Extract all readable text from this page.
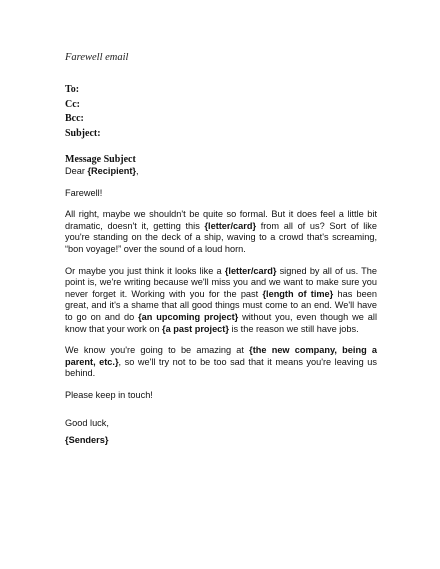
Farewell email
To:
Cc:
Bcc:
Subject:
Message Subject

Dear {Recipient},

Farewell!

All right, maybe we shouldn't be quite so formal. But it does feel a little bit dramatic, doesn't it, getting this {letter/card} from all of us? Sort of like you're standing on the deck of a ship, waving to a crowd that's screaming, “bon voyage!” over the sound of a loud horn.

Or maybe you just think it looks like a {letter/card} signed by all of us. The point is, we're writing because we'll miss you and we want to make sure you never forget it. Working with you for the past {length of time} has been great, and it's a shame that all good things must come to an end. We'll have to go on and do {an upcoming project} without you, even though we all know that your work on {a past project} is the reason we still have jobs.

We know you're going to be amazing at {the new company, being a parent, etc.}, so we'll try not to be too sad that it means you're leaving us behind.

Please keep in touch!

Good luck,

{Senders}
